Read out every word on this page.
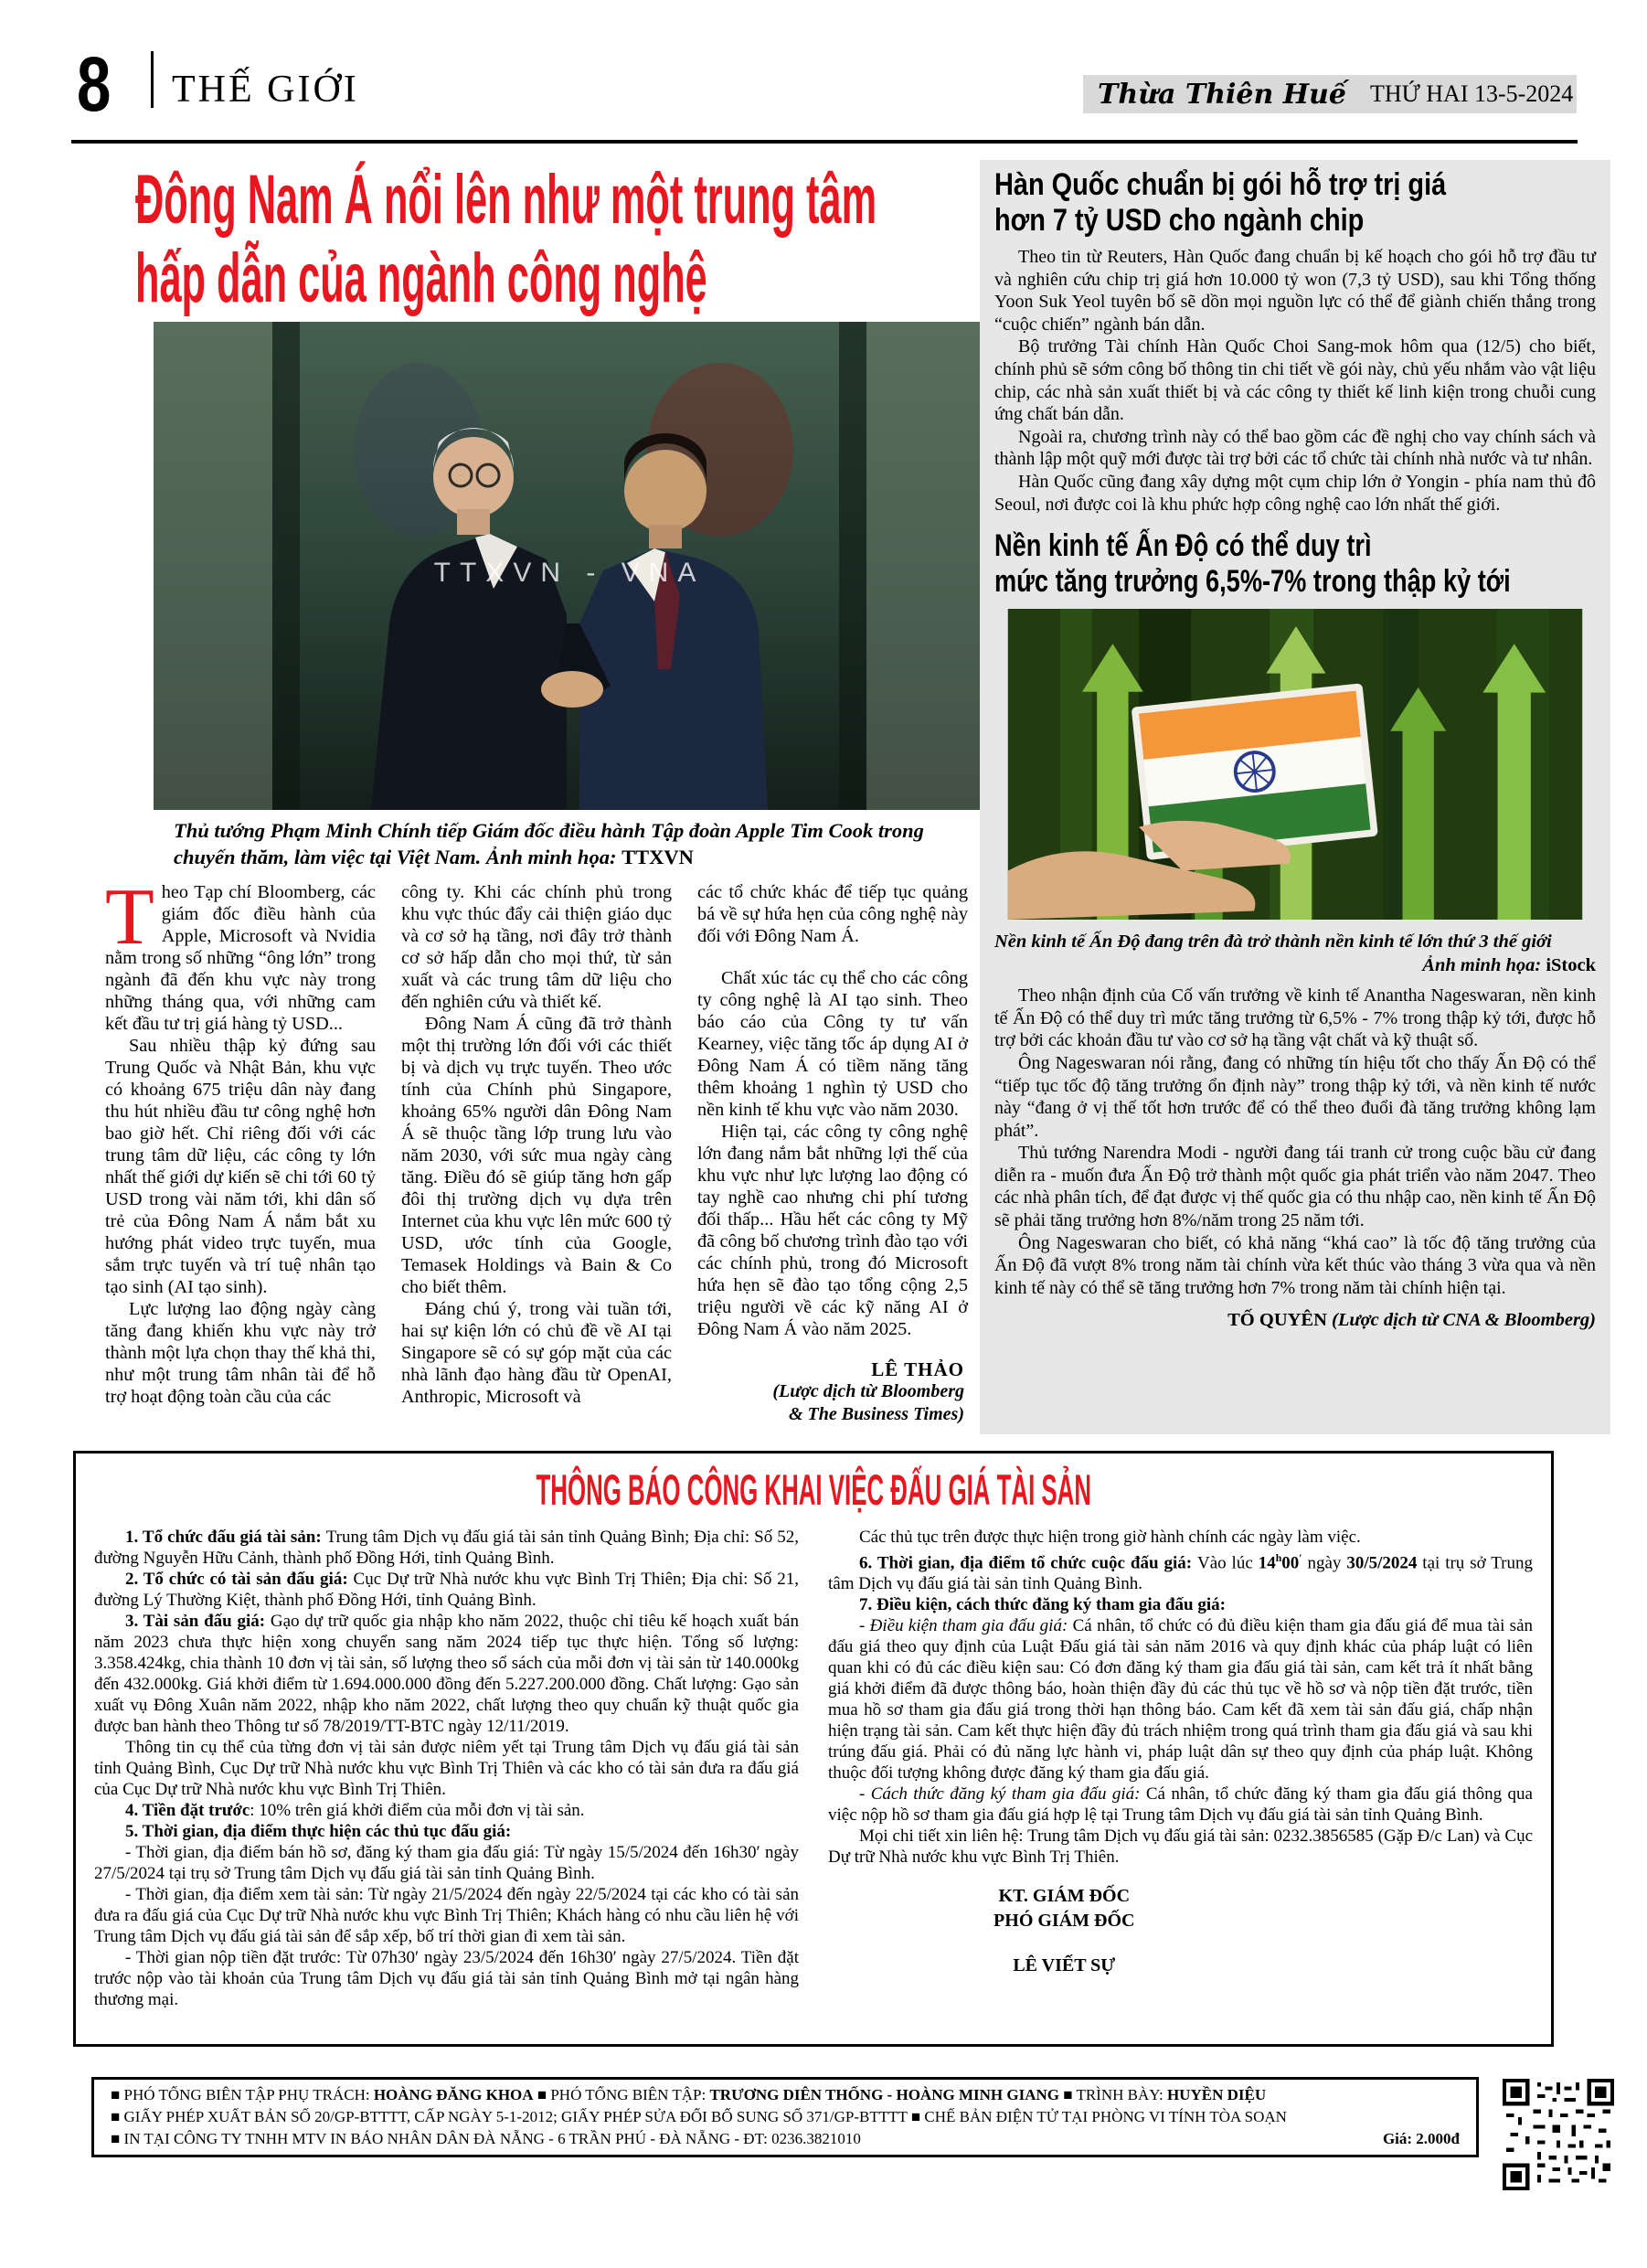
8 THẾ GIỚI	Thừa Thiên Huế THỨ HAI 13-5-2024
Đông Nam Á nổi lên như một trung tâm
hấp dẫn của ngành công nghệ
TTXVN - VNA
Thủ tướng Phạm Minh Chính tiếp Giám đốc điều hành Tập đoàn Apple Tim Cook trong chuyến thăm, làm việc tại Việt Nam. Ảnh minh họa: TTXVN

Theo Tạp chí Bloomberg, các giám đốc điều hành của Apple, Microsoft và Nvidia nằm trong số những “ông lớn” trong ngành đã đến khu vực này trong những tháng qua, với những cam kết đầu tư trị giá hàng tỷ USD...

Sau nhiều thập kỷ đứng sau Trung Quốc và Nhật Bản, khu vực có khoảng 675 triệu dân này đang thu hút nhiều đầu tư công nghệ hơn bao giờ hết. Chỉ riêng đối với các trung tâm dữ liệu, các công ty lớn nhất thế giới dự kiến sẽ chi tới 60 tỷ USD trong vài năm tới, khi dân số trẻ của Đông Nam Á nắm bắt xu hướng phát video trực tuyến, mua sắm trực tuyến và trí tuệ nhân tạo tạo sinh (AI tạo sinh).

Lực lượng lao động ngày càng tăng đang khiến khu vực này trở thành một lựa chọn thay thế khả thi, như một trung tâm nhân tài để hỗ trợ hoạt động toàn cầu của các

công ty. Khi các chính phủ trong khu vực thúc đẩy cải thiện giáo dục và cơ sở hạ tầng, nơi đây trở thành cơ sở hấp dẫn cho mọi thứ, từ sản xuất và các trung tâm dữ liệu cho đến nghiên cứu và thiết kế.

Đông Nam Á cũng đã trở thành một thị trường lớn đối với các thiết bị và dịch vụ trực tuyến. Theo ước tính của Chính phủ Singapore, khoảng 65% người dân Đông Nam Á sẽ thuộc tầng lớp trung lưu vào năm 2030, với sức mua ngày càng tăng. Điều đó sẽ giúp tăng hơn gấp đôi thị trường dịch vụ dựa trên Internet của khu vực lên mức 600 tỷ USD, ước tính của Google, Temasek Holdings và Bain & Co cho biết thêm.

Đáng chú ý, trong vài tuần tới, hai sự kiện lớn có chủ đề về AI tại Singapore sẽ có sự góp mặt của các nhà lãnh đạo hàng đầu từ OpenAI, Anthropic, Microsoft và

các tổ chức khác để tiếp tục quảng bá về sự hứa hẹn của công nghệ này đối với Đông Nam Á.

Chất xúc tác cụ thể cho các công ty công nghệ là AI tạo sinh. Theo báo cáo của Công ty tư vấn Kearney, việc tăng tốc áp dụng AI ở Đông Nam Á có tiềm năng tăng thêm khoảng 1 nghìn tỷ USD cho nền kinh tế khu vực vào năm 2030.

Hiện tại, các công ty công nghệ lớn đang nắm bắt những lợi thế của khu vực như lực lượng lao động có tay nghề cao nhưng chi phí tương đối thấp... Hầu hết các công ty Mỹ đã công bố chương trình đào tạo với các chính phủ, trong đó Microsoft hứa hẹn sẽ đào tạo tổng cộng 2,5 triệu người về các kỹ năng AI ở Đông Nam Á vào năm 2025.

LÊ THẢO
(Lược dịch từ Bloomberg & The Business Times)
Hàn Quốc chuẩn bị gói hỗ trợ trị giá
hơn 7 tỷ USD cho ngành chip

Theo tin từ Reuters, Hàn Quốc đang chuẩn bị kế hoạch cho gói hỗ trợ đầu tư và nghiên cứu chip trị giá hơn 10.000 tỷ won (7,3 tỷ USD), sau khi Tổng thống Yoon Suk Yeol tuyên bố sẽ dồn mọi nguồn lực có thể để giành chiến thắng trong “cuộc chiến” ngành bán dẫn.

Bộ trưởng Tài chính Hàn Quốc Choi Sang-mok hôm qua (12/5) cho biết, chính phủ sẽ sớm công bố thông tin chi tiết về gói này, chủ yếu nhắm vào vật liệu chip, các nhà sản xuất thiết bị và các công ty thiết kế linh kiện trong chuỗi cung ứng chất bán dẫn.

Ngoài ra, chương trình này có thể bao gồm các đề nghị cho vay chính sách và thành lập một quỹ mới được tài trợ bởi các tổ chức tài chính nhà nước và tư nhân.

Hàn Quốc cũng đang xây dựng một cụm chip lớn ở Yongin - phía nam thủ đô Seoul, nơi được coi là khu phức hợp công nghệ cao lớn nhất thế giới.

Nền kinh tế Ấn Độ có thể duy trì
mức tăng trưởng 6,5%-7% trong thập kỷ tới
Nền kinh tế Ấn Độ đang trên đà trở thành nền kinh tế lớn thứ 3 thế giới
Ảnh minh họa: iStock

Theo nhận định của Cố vấn trưởng về kinh tế Anantha Nageswaran, nền kinh tế Ấn Độ có thể duy trì mức tăng trưởng từ 6,5% - 7% trong thập kỷ tới, được hỗ trợ bởi các khoản đầu tư vào cơ sở hạ tầng vật chất và kỹ thuật số.

Ông Nageswaran nói rằng, đang có những tín hiệu tốt cho thấy Ấn Độ có thể “tiếp tục tốc độ tăng trưởng ổn định này” trong thập kỷ tới, và nền kinh tế nước này “đang ở vị thế tốt hơn trước để có thể theo đuổi đà tăng trưởng không lạm phát”.

Thủ tướng Narendra Modi - người đang tái tranh cử trong cuộc bầu cử đang diễn ra - muốn đưa Ấn Độ trở thành một quốc gia phát triển vào năm 2047. Theo các nhà phân tích, để đạt được vị thế quốc gia có thu nhập cao, nền kinh tế Ấn Độ sẽ phải tăng trưởng hơn 8%/năm trong 25 năm tới.

Ông Nageswaran cho biết, có khả năng “khá cao” là tốc độ tăng trưởng của Ấn Độ đã vượt 8% trong năm tài chính vừa kết thúc vào tháng 3 vừa qua và nền kinh tế này có thể sẽ tăng trưởng hơn 7% trong năm tài chính hiện tại.

TỐ QUYÊN (Lược dịch từ CNA & Bloomberg)
THÔNG BÁO CÔNG KHAI VIỆC ĐẤU GIÁ TÀI SẢN

1. Tổ chức đấu giá tài sản: Trung tâm Dịch vụ đấu giá tài sản tỉnh Quảng Bình; Địa chỉ: Số 52, đường Nguyễn Hữu Cảnh, thành phố Đồng Hới, tỉnh Quảng Bình.

2. Tổ chức có tài sản đấu giá: Cục Dự trữ Nhà nước khu vực Bình Trị Thiên; Địa chỉ: Số 21, đường Lý Thường Kiệt, thành phố Đồng Hới, tỉnh Quảng Bình.

3. Tài sản đấu giá: Gạo dự trữ quốc gia nhập kho năm 2022, thuộc chỉ tiêu kế hoạch xuất bán năm 2023 chưa thực hiện xong chuyển sang năm 2024 tiếp tục thực hiện. Tổng số lượng: 3.358.424kg, chia thành 10 đơn vị tài sản, số lượng theo sổ sách của mỗi đơn vị tài sản từ 140.000kg đến 432.000kg. Giá khởi điểm từ 1.694.000.000 đồng đến 5.227.200.000 đồng. Chất lượng: Gạo sản xuất vụ Đông Xuân năm 2022, nhập kho năm 2022, chất lượng theo quy chuẩn kỹ thuật quốc gia được ban hành theo Thông tư số 78/2019/TT-BTC ngày 12/11/2019.

Thông tin cụ thể của từng đơn vị tài sản được niêm yết tại Trung tâm Dịch vụ đấu giá tài sản tỉnh Quảng Bình, Cục Dự trữ Nhà nước khu vực Bình Trị Thiên và các kho có tài sản đưa ra đấu giá của Cục Dự trữ Nhà nước khu vực Bình Trị Thiên.

4. Tiền đặt trước: 10% trên giá khởi điểm của mỗi đơn vị tài sản.

5. Thời gian, địa điểm thực hiện các thủ tục đấu giá:

- Thời gian, địa điểm bán hồ sơ, đăng ký tham gia đấu giá: Từ ngày 15/5/2024 đến 16h30′ ngày 27/5/2024 tại trụ sở Trung tâm Dịch vụ đấu giá tài sản tỉnh Quảng Bình.

- Thời gian, địa điểm xem tài sản: Từ ngày 21/5/2024 đến ngày 22/5/2024 tại các kho có tài sản đưa ra đấu giá của Cục Dự trữ Nhà nước khu vực Bình Trị Thiên; Khách hàng có nhu cầu liên hệ với Trung tâm Dịch vụ đấu giá tài sản để sắp xếp, bố trí thời gian đi xem tài sản.

- Thời gian nộp tiền đặt trước: Từ 07h30′ ngày 23/5/2024 đến 16h30′ ngày 27/5/2024. Tiền đặt trước nộp vào tài khoản của Trung tâm Dịch vụ đấu giá tài sản tỉnh Quảng Bình mở tại ngân hàng thương mại.

Các thủ tục trên được thực hiện trong giờ hành chính các ngày làm việc.

6. Thời gian, địa điểm tổ chức cuộc đấu giá: Vào lúc 14$^h$00′ ngày 30/5/2024 tại trụ sở Trung tâm Dịch vụ đấu giá tài sản tỉnh Quảng Bình.

7. Điều kiện, cách thức đăng ký tham gia đấu giá:

- Điều kiện tham gia đấu giá: Cá nhân, tổ chức có đủ điều kiện tham gia đấu giá để mua tài sản đấu giá theo quy định của Luật Đấu giá tài sản năm 2016 và quy định khác của pháp luật có liên quan khi có đủ các điều kiện sau: Có đơn đăng ký tham gia đấu giá tài sản, cam kết trả ít nhất bằng giá khởi điểm đã được thông báo, hoàn thiện đầy đủ các thủ tục về hồ sơ và nộp tiền đặt trước, tiền mua hồ sơ tham gia đấu giá trong thời hạn thông báo. Cam kết đã xem tài sản đấu giá, chấp nhận hiện trạng tài sản. Cam kết thực hiện đầy đủ trách nhiệm trong quá trình tham gia đấu giá và sau khi trúng đấu giá. Phải có đủ năng lực hành vi, pháp luật dân sự theo quy định của pháp luật. Không thuộc đối tượng không được đăng ký tham gia đấu giá.

- Cách thức đăng ký tham gia đấu giá: Cá nhân, tổ chức đăng ký tham gia đấu giá thông qua việc nộp hồ sơ tham gia đấu giá hợp lệ tại Trung tâm Dịch vụ đấu giá tài sản tỉnh Quảng Bình.

Mọi chi tiết xin liên hệ: Trung tâm Dịch vụ đấu giá tài sản: 0232.3856585 (Gặp Đ/c Lan) và Cục Dự trữ Nhà nước khu vực Bình Trị Thiên.

KT. GIÁM ĐỐC
PHÓ GIÁM ĐỐC
LÊ VIẾT SỰ
■ PHÓ TỔNG BIÊN TẬP PHỤ TRÁCH: HOÀNG ĐĂNG KHOA ■ PHÓ TỔNG BIÊN TẬP: TRƯƠNG DIÊN THỐNG - HOÀNG MINH GIANG ■ TRÌNH BÀY: HUYỀN DIỆU
■ GIẤY PHÉP XUẤT BẢN SỐ 20/GP-BTTTT, CẤP NGÀY 5-1-2012; GIẤY PHÉP SỬA ĐỔI BỔ SUNG SỐ 371/GP-BTTTT ■ CHẾ BẢN ĐIỆN TỬ TẠI PHÒNG VI TÍNH TÒA SOẠN
■ IN TẠI CÔNG TY TNHH MTV IN BÁO NHÂN DÂN ĐÀ NẴNG - 6 TRẦN PHÚ - ĐÀ NẴNG - ĐT: 0236.3821010	Giá: 2.000đ
